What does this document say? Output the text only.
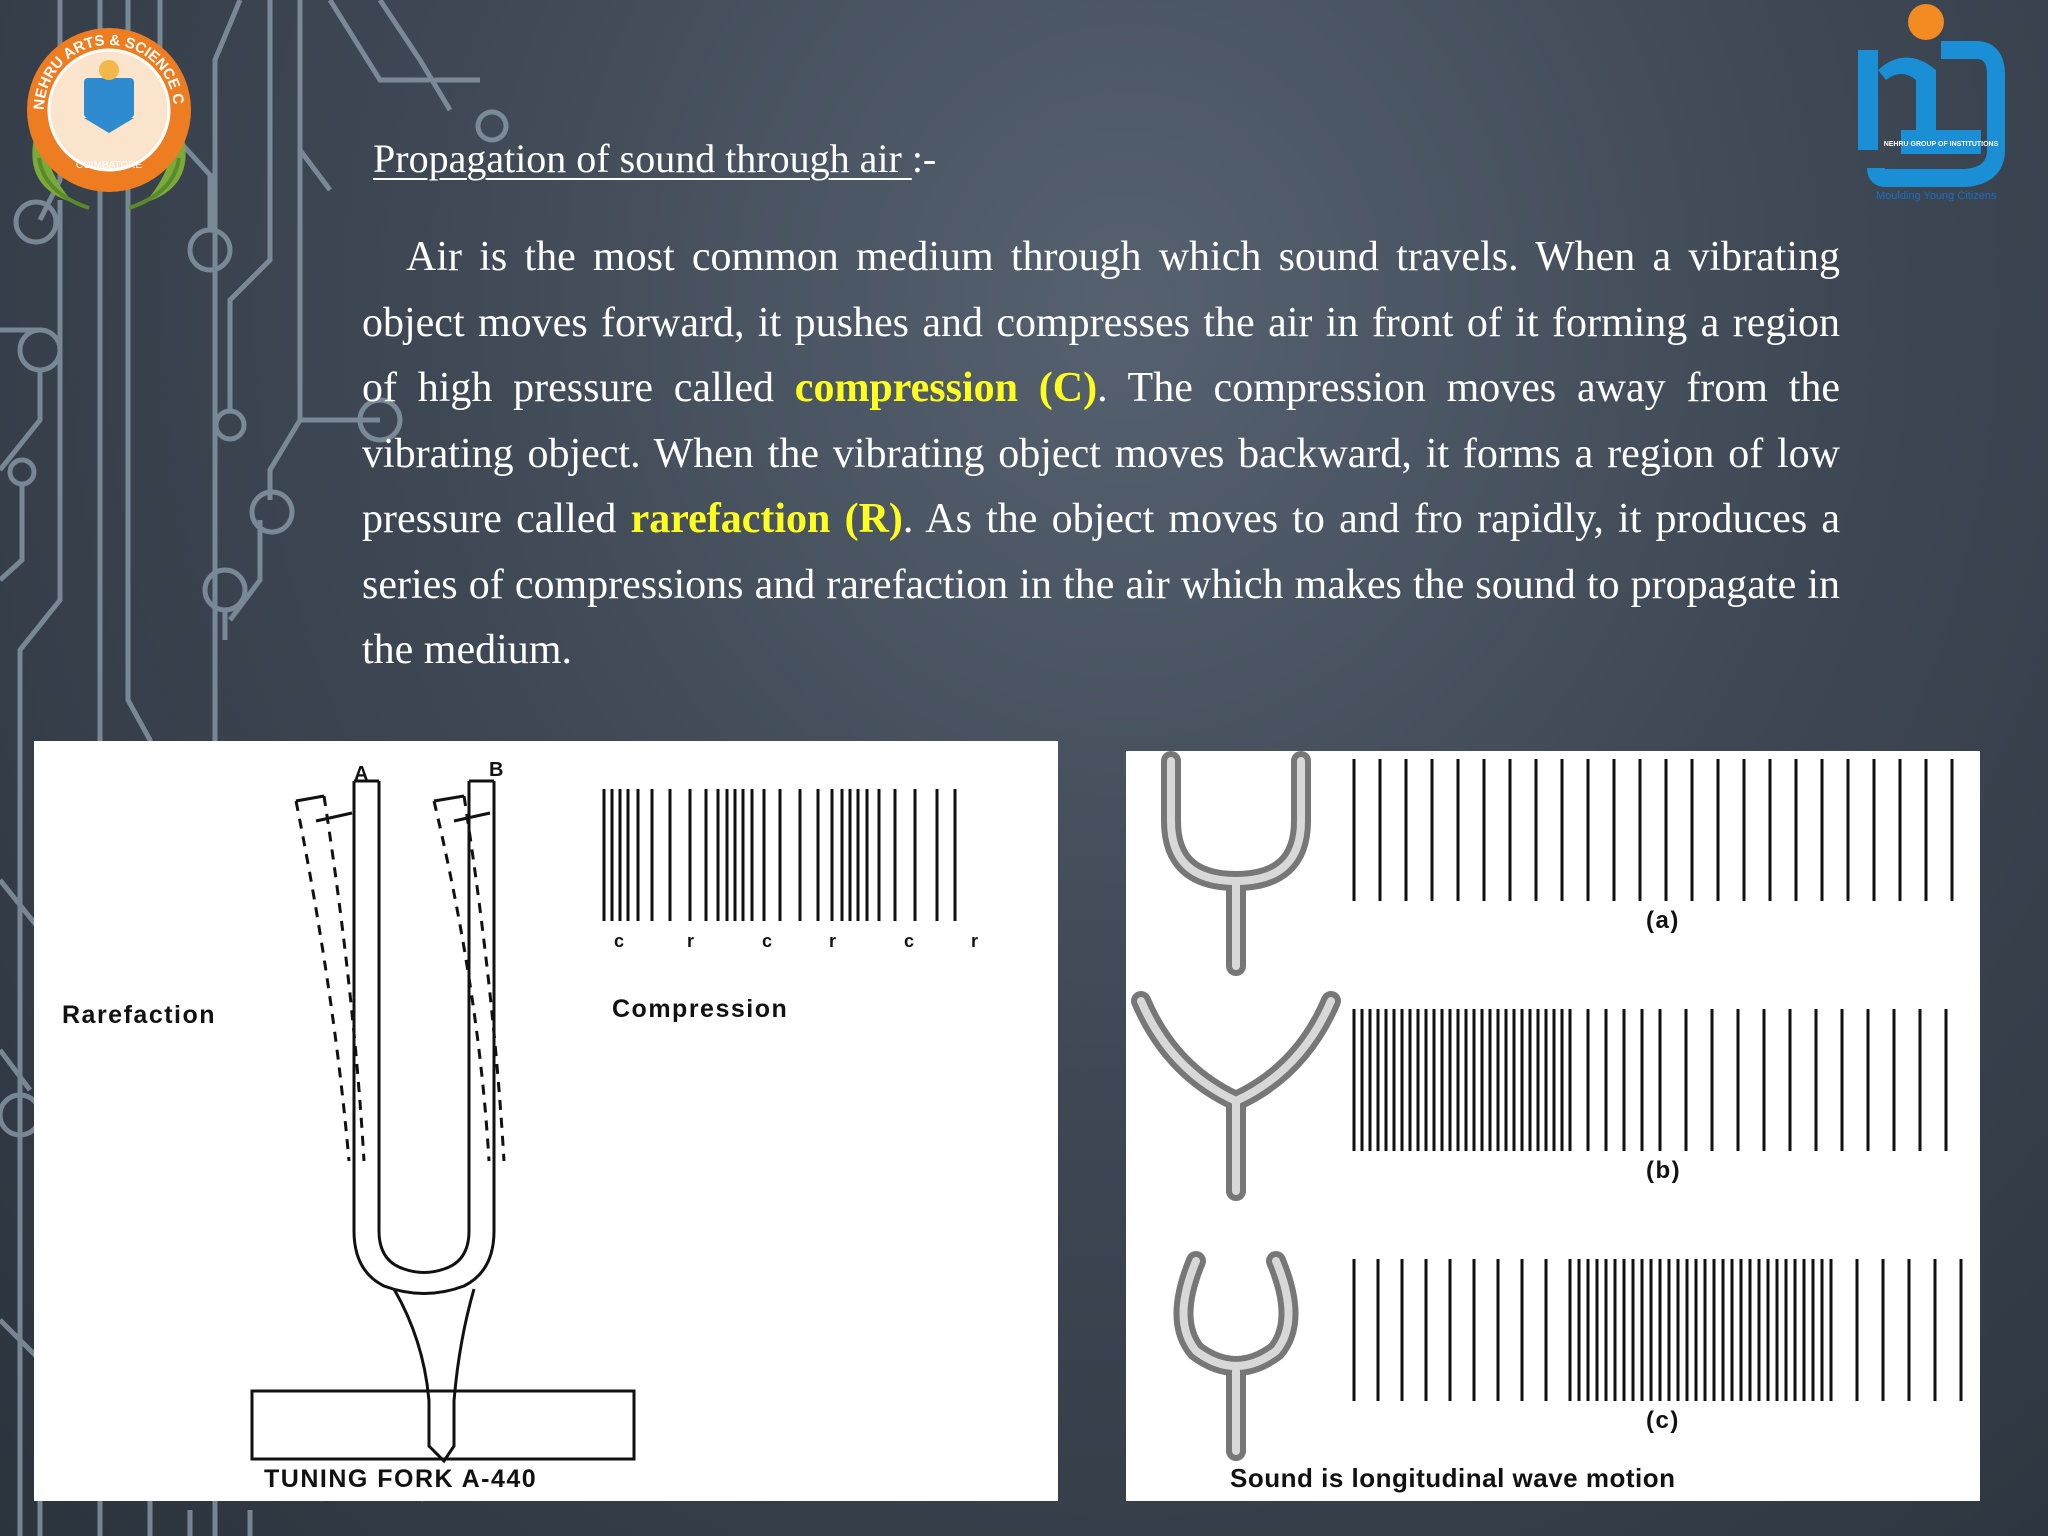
NEHRU ARTS & SCIENCE C
COIMBATORE
NEHRU GROUP OF INSTITUTIONS
Moulding Young Citizens
Propagation of sound through air :-
Air is the most common medium through which sound travels. When a vibrating object moves forward, it pushes and compresses the air in front of it forming a region of high pressure called compression (C). The compression moves away from the vibrating object. When the vibrating object moves backward, it forms a region of low pressure called rarefaction (R). As the object moves to and fro rapidly, it produces a series of compressions and rarefaction in the air which makes the sound to propagate in the medium.
A	B
Rarefaction	Compression
c	r	c	r	c	r
TUNING FORK A-440
(a)
(b)
(c)
Sound is longitudinal wave motion
